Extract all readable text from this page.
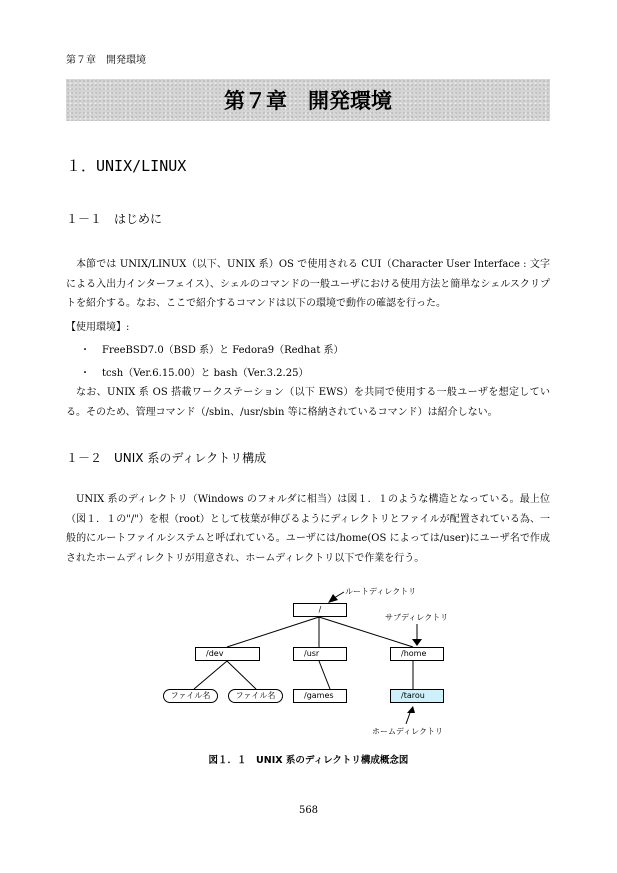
第７章　開発環境
第７章　開発環境
１．UNIX/LINUX
１－１　はじめに
本節では UNIX/LINUX（以下、UNIX 系）OS で使用される CUI（Character User Interface : 文字による入出力インターフェイス）、シェルのコマンドの一般ユーザにおける使用方法と簡単なシェルスクリプトを紹介する。なお、ここで紹介するコマンドは以下の環境で動作の確認を行った。
【使用環境】:
・ FreeBSD7.0（BSD 系）と Fedora9（Redhat 系）
・ tcsh（Ver.6.15.00）と bash（Ver.3.2.25）
なお、UNIX 系 OS 搭載ワークステーション（以下 EWS）を共同で使用する一般ユーザを想定している。そのため、管理コマンド（/sbin、/usr/sbin 等に格納されているコマンド）は紹介しない。
１－２　UNIX 系のディレクトリ構成
UNIX 系のディレクトリ（Windows のフォルダに相当）は図１．１のような構造となっている。最上位（図１．１の"/"）を根（root）として枝葉が伸びるようにディレクトリとファイルが配置されている為、一般的にルートファイルシステムと呼ばれている。ユーザには/home(OS によっては/user)にユーザ名で作成されたホームディレクトリが用意され、ホームディレクトリ以下で作業を行う。
ルートディレクトリ
サブディレクトリ
ホームディレクトリ
/
/dev	/usr	/home
ファイル名	ファイル名	/games	/tarou
図１．１　UNIX 系のディレクトリ構成概念図
568
